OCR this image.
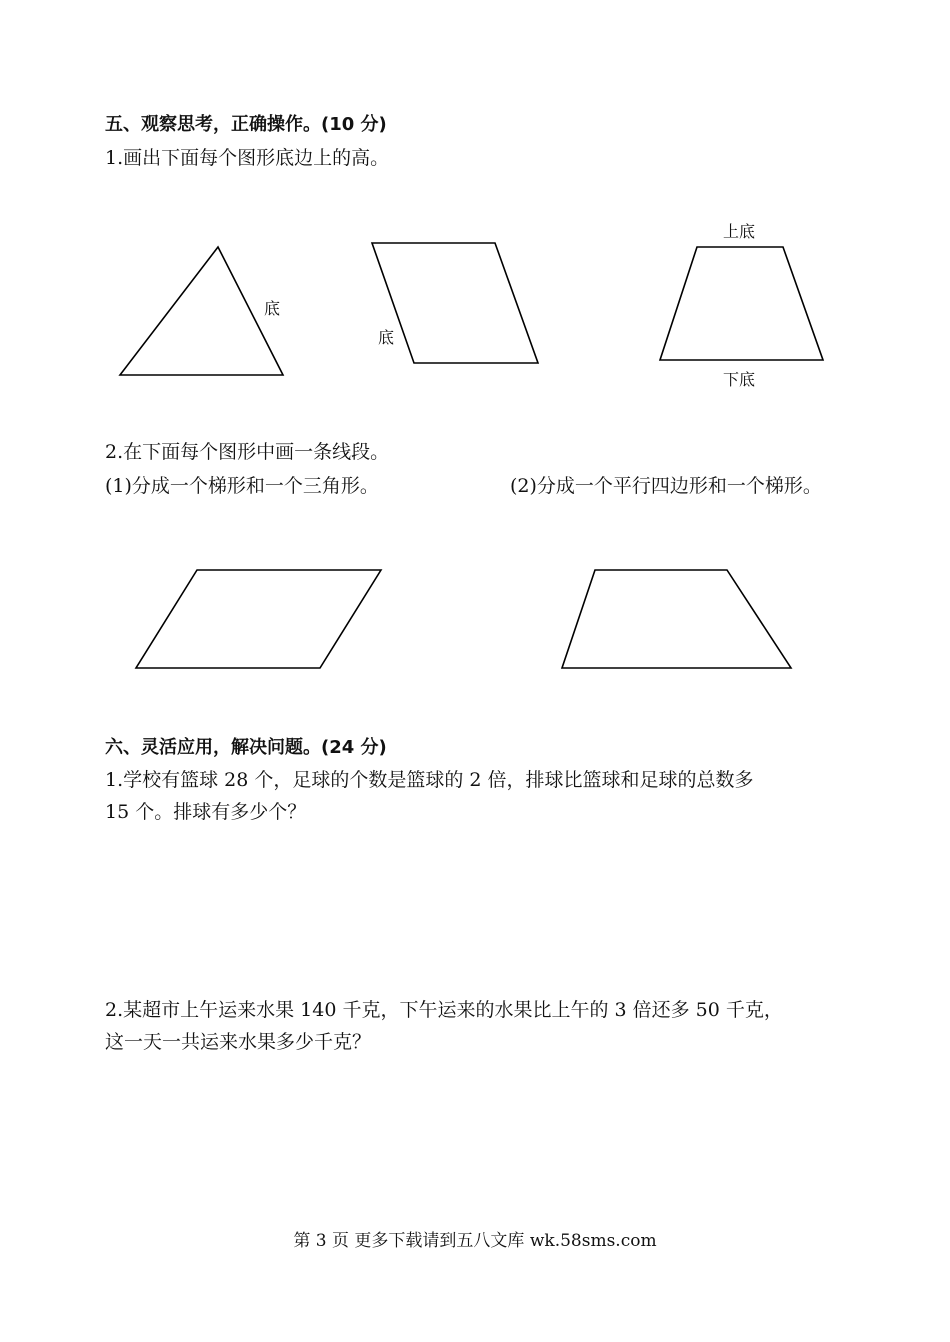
五、观察思考，正确操作。(10 分)
1.画出下面每个图形底边上的高。
底
底
上底
下底
2.在下面每个图形中画一条线段。
(1)分成一个梯形和一个三角形。	(2)分成一个平行四边形和一个梯形。
六、灵活应用，解决问题。(24 分)
1.学校有篮球 28 个，足球的个数是篮球的 2 倍，排球比篮球和足球的总数多
15 个。排球有多少个？
2.某超市上午运来水果 140 千克，下午运来的水果比上午的 3 倍还多 50 千克，
这一天一共运来水果多少千克？
第 3 页 更多下载请到五八文库 wk.58sms.com
